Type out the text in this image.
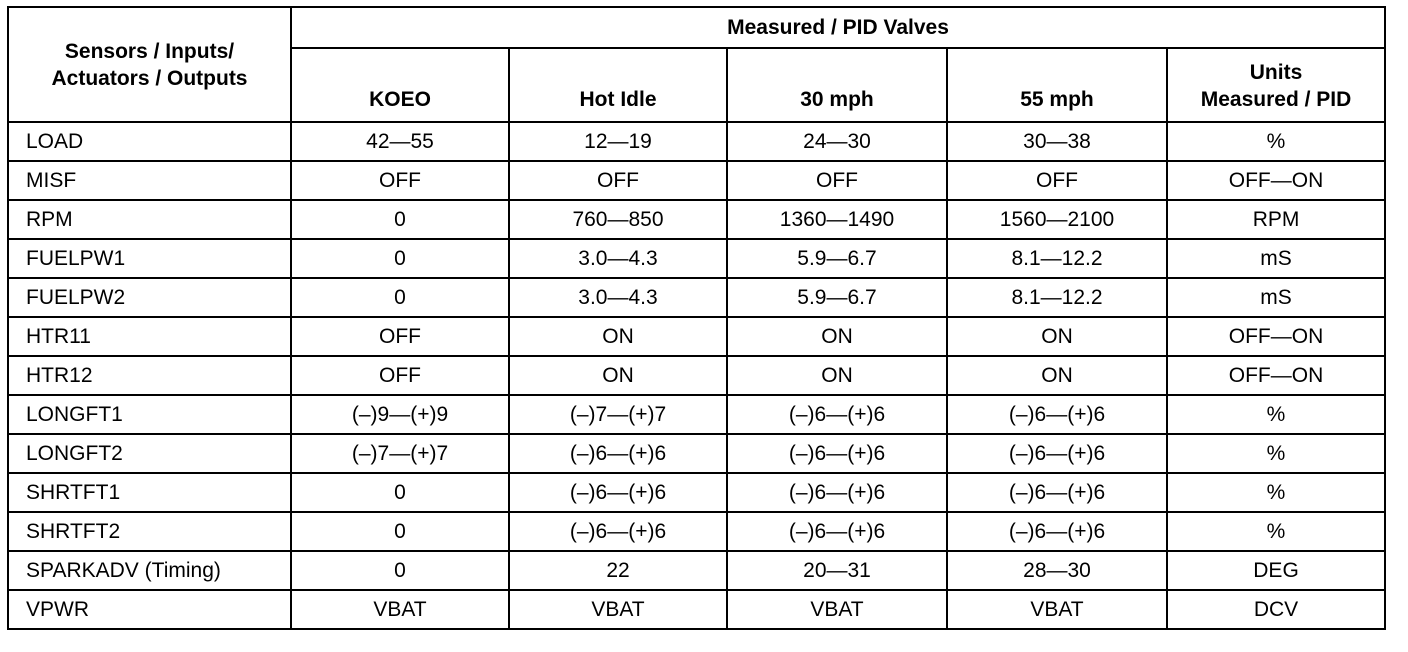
Sensors / Inputs/
Actuators / Outputs	Measured / PID Valves				
	KOEO	Hot Idle	30 mph	55 mph	Units
Measured / PID

LOAD	42—55	12—19	24—30	30—38	%
MISF	OFF	OFF	OFF	OFF	OFF—ON
RPM	0	760—850	1360—1490	1560—2100	RPM
FUELPW1	0	3.0—4.3	5.9—6.7	8.1—12.2	mS
FUELPW2	0	3.0—4.3	5.9—6.7	8.1—12.2	mS
HTR11	OFF	ON	ON	ON	OFF—ON
HTR12	OFF	ON	ON	ON	OFF—ON
LONGFT1	(–)9—(+)9	(–)7—(+)7	(–)6—(+)6	(–)6—(+)6	%
LONGFT2	(–)7—(+)7	(–)6—(+)6	(–)6—(+)6	(–)6—(+)6	%
SHRTFT1	0	(–)6—(+)6	(–)6—(+)6	(–)6—(+)6	%
SHRTFT2	0	(–)6—(+)6	(–)6—(+)6	(–)6—(+)6	%
SPARKADV (Timing)	0	22	20—31	28—30	DEG
VPWR	VBAT	VBAT	VBAT	VBAT	DCV
